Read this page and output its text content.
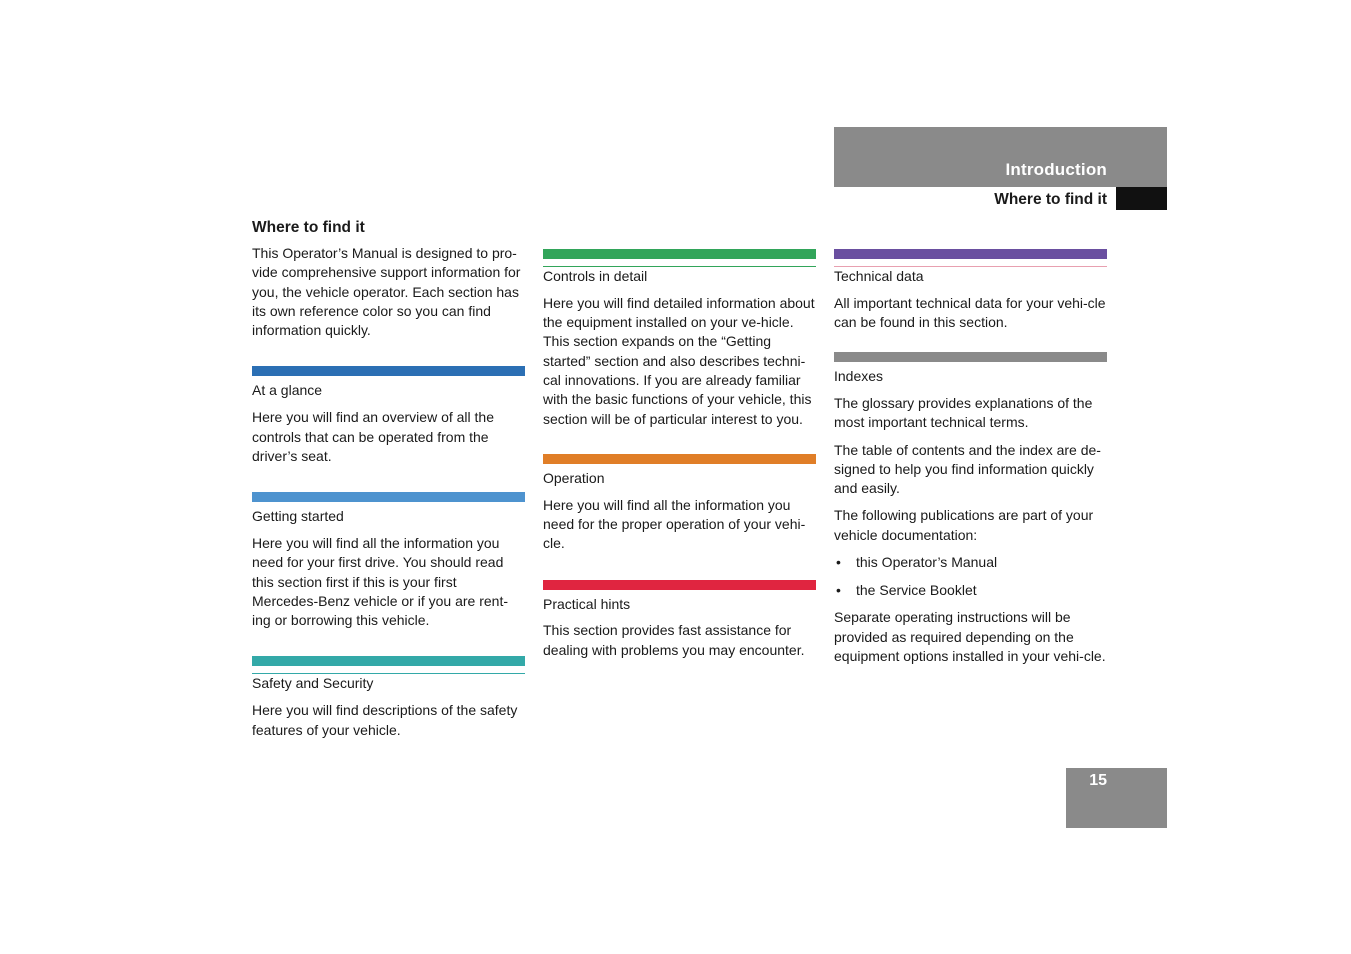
Introduction
Where to find it
Where to find it

This Operator’s Manual is designed to pro-vide comprehensive support information for you, the vehicle operator. Each section has its own reference color so you can find information quickly.

At a glance

Here you will find an overview of all the controls that can be operated from the driver’s seat.

Getting started

Here you will find all the information you need for your first drive. You should read this section first if this is your first Mercedes-Benz vehicle or if you are rent-ing or borrowing this vehicle.

Safety and Security

Here you will find descriptions of the safety features of your vehicle.

Controls in detail

Here you will find detailed information about the equipment installed on your ve-hicle. This section expands on the “Getting started” section and also describes techni-cal innovations. If you are already familiar with the basic functions of your vehicle, this section will be of particular interest to you.

Operation

Here you will find all the information you need for the proper operation of your vehi-cle.

Practical hints

This section provides fast assistance for dealing with problems you may encounter.

Technical data

All important technical data for your vehi-cle can be found in this section.

Indexes

The glossary provides explanations of the most important technical terms.

The table of contents and the index are de-signed to help you find information quickly and easily.

The following publications are part of your vehicle documentation:

• this Operator’s Manual
• the Service Booklet

Separate operating instructions will be provided as required depending on the equipment options installed in your vehi-cle.

15
